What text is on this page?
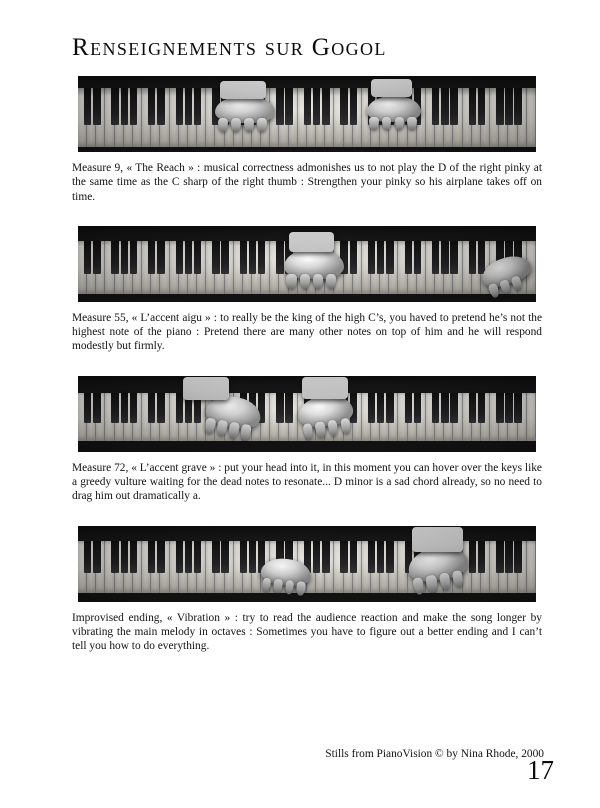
Renseignements sur Gogol

Measure 9, « The Reach » : musical correctness admonishes us to not play the D of the right pinky at the same time as the C sharp of the right thumb : Strengthen your pinky so his airplane takes off on time.

Measure 55, « L’accent aigu » : to really be the king of the high C’s, you haved to pretend he’s not the highest note of the piano : Pretend there are many other notes on top of him and he will respond modestly but firmly.

Measure 72, « L’accent grave » : put your head into it, in this moment you can hover over the keys like a greedy vulture waiting for the dead notes to resonate... D minor is a sad chord already, so no need to drag him out dramatically a.

Improvised ending, « Vibration » : try to read the audience reaction and make the song longer by vibrating the main melody in octaves : Sometimes you have to figure out a better ending and I can’t tell you how to do everything.

Stills from PianoVision © by Nina Rhode, 2000

17
